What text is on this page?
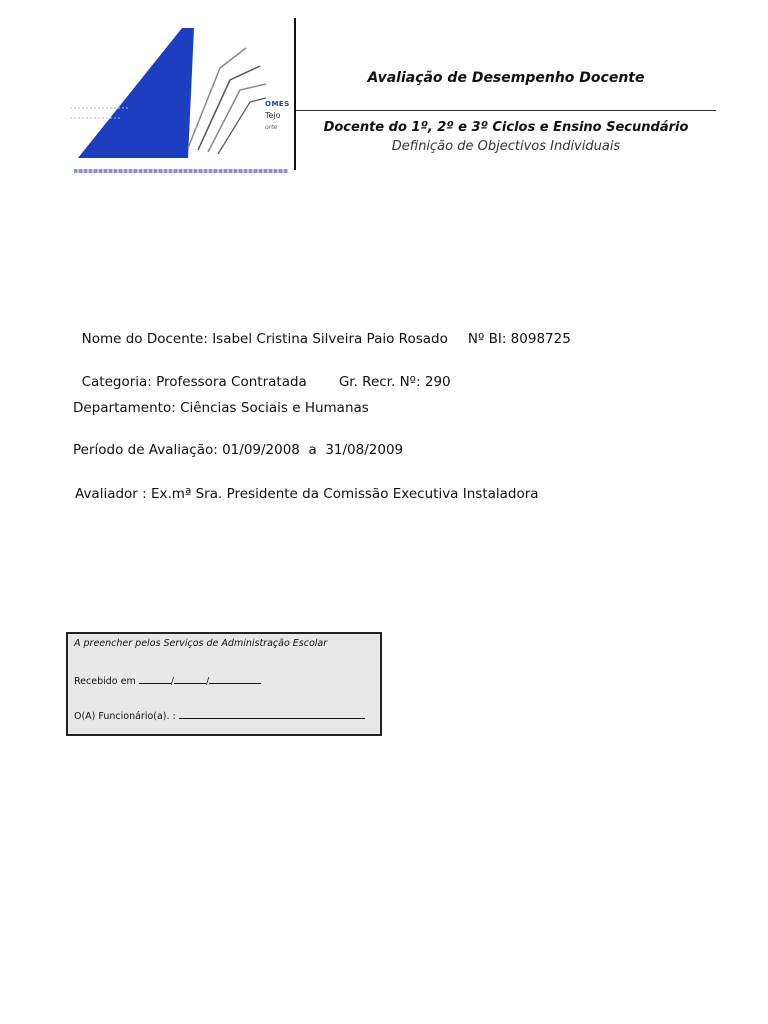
OMES
Tejo
orte
Avaliação de Desempenho Docente
Docente do 1º, 2º e 3º Ciclos e Ensino Secundário
Definição de Objectivos Individuais

Nome do Docente: Isabel Cristina Silveira Paio Rosado Nº BI: 8098725

Categoria: Professora Contratada Gr. Recr. Nº: 290

Departamento: Ciências Sociais e Humanas
Período de Avaliação: 01/09/2008  a  31/08/2009
Avaliador : Ex.mª Sra. Presidente da Comissão Executiva Instaladora
A preencher pelos Serviços de Administração Escolar
Recebido em	/	/
O(A) Funcionário(a). :
